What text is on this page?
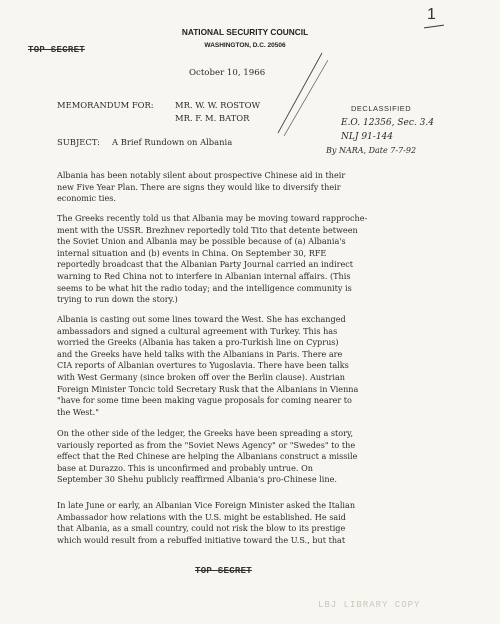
1
TOP SECRET
NATIONAL SECURITY COUNCIL
WASHINGTON, D.C. 20506
October 10, 1966
MEMORANDUM FOR:	MR. W. W. ROSTOW
MR. F. M. BATOR
SUBJECT: A Brief Rundown on Albania
DECLASSIFIED
E.O. 12356, Sec. 3.4
NLJ 91-144
By NARA, Date 7-7-92
Albania has been notably silent about prospective Chinese aid in their
new Five Year Plan. There are signs they would like to diversify their
economic ties.
The Greeks recently told us that Albania may be moving toward rapproche-
ment with the USSR. Brezhnev reportedly told Tito that detente between
the Soviet Union and Albania may be possible because of (a) Albania's
internal situation and (b) events in China. On September 30, RFE
reportedly broadcast that the Albanian Party Journal carried an indirect
warning to Red China not to interfere in Albanian internal affairs. (This
seems to be what hit the radio today; and the intelligence community is
trying to run down the story.)
Albania is casting out some lines toward the West. She has exchanged
ambassadors and signed a cultural agreement with Turkey. This has
worried the Greeks (Albania has taken a pro-Turkish line on Cyprus)
and the Greeks have held talks with the Albanians in Paris. There are
CIA reports of Albanian overtures to Yugoslavia. There have been talks
with West Germany (since broken off over the Berlin clause). Austrian
Foreign Minister Toncic told Secretary Rusk that the Albanians in Vienna
"have for some time been making vague proposals for coming nearer to
the West."
On the other side of the ledger, the Greeks have been spreading a story,
variously reported as from the "Soviet News Agency" or "Swedes" to the
effect that the Red Chinese are helping the Albanians construct a missile
base at Durazzo. This is unconfirmed and probably untrue. On
September 30 Shehu publicly reaffirmed Albania's pro-Chinese line.
In late June or early, an Albanian Vice Foreign Minister asked the Italian
Ambassador how relations with the U.S. might be established. He said
that Albania, as a small country, could not risk the blow to its prestige
which would result from a rebuffed initiative toward the U.S., but that
TOP SECRET
LBJ LIBRARY COPY
